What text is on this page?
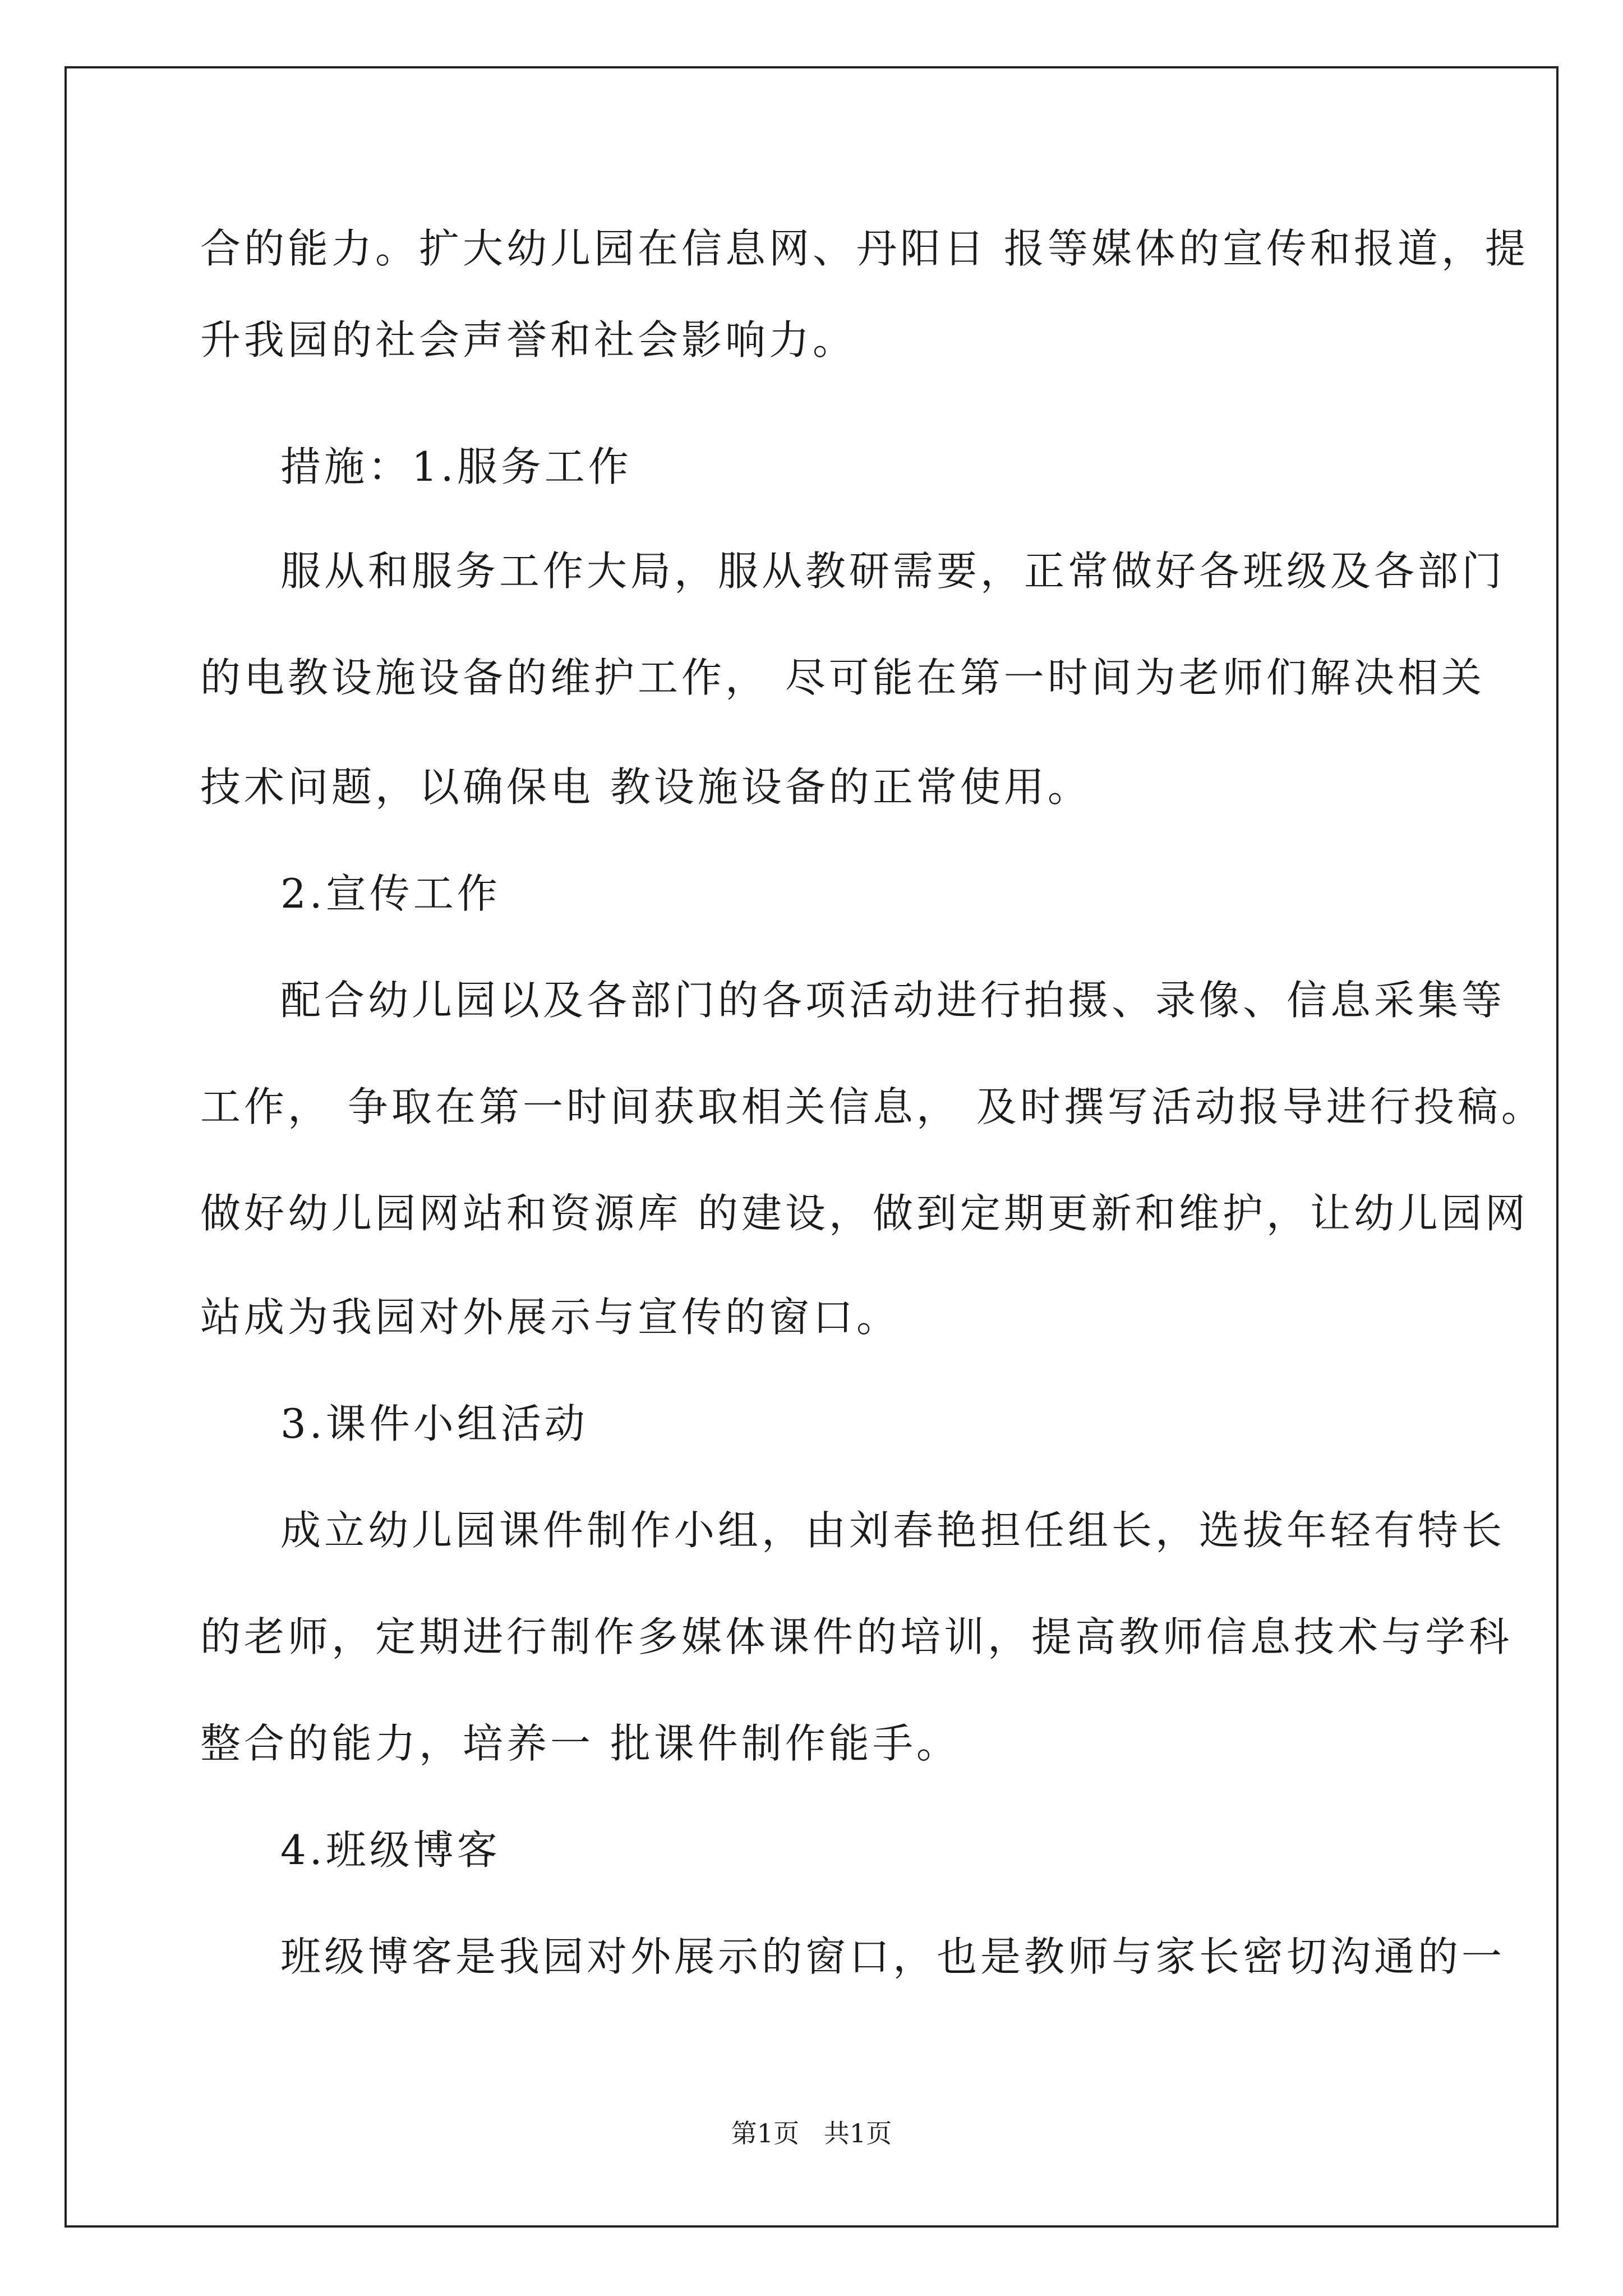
合的能力。扩大幼儿园在信息网、丹阳日 报等媒体的宣传和报道，提
升我园的社会声誉和社会影响力。
措施：1.服务工作
服从和服务工作大局，服从教研需要，正常做好各班级及各部门
的电教设施设备的维护工作， 尽可能在第一时间为老师们解决相关
技术问题，以确保电 教设施设备的正常使用。
2.宣传工作
配合幼儿园以及各部门的各项活动进行拍摄、录像、信息采集等
工作， 争取在第一时间获取相关信息， 及时撰写活动报导进行投稿。
做好幼儿园网站和资源库 的建设，做到定期更新和维护，让幼儿园网
站成为我园对外展示与宣传的窗口。
3.课件小组活动
成立幼儿园课件制作小组，由刘春艳担任组长，选拔年轻有特长
的老师，定期进行制作多媒体课件的培训，提高教师信息技术与学科
整合的能力，培养一 批课件制作能手。
4.班级博客
班级博客是我园对外展示的窗口，也是教师与家长密切沟通的一
第1页   共1页
